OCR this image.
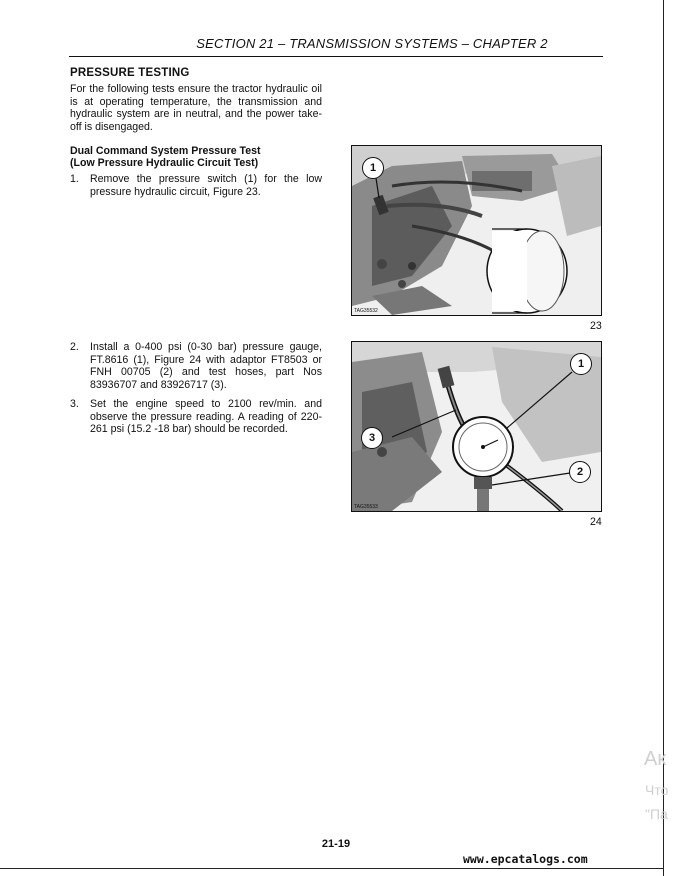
SECTION 21 – TRANSMISSION SYSTEMS – CHAPTER 2
PRESSURE TESTING
For the following tests ensure the tractor hydraulic oil is at operating temperature, the transmission and hydraulic system are in neutral, and the power take-off is disengaged.
Dual Command System Pressure Test
(Low Pressure Hydraulic Circuit Test)
1. Remove the pressure switch (1) for the low pressure hydraulic circuit, Figure 23.
2. Install a 0-400 psi (0-30 bar) pressure gauge, FT.8616 (1), Figure 24 with adaptor FT8503 or FNH 00705 (2) and test hoses, part Nos 83936707 and 83926717 (3).
3. Set the engine speed to 2100 rev/min. and observe the pressure reading. A reading of 220-261 psi (15.2 -18 bar) should be recorded.
TAG35532
1
23
TAG35533
1
2
3
24
21-19
www.epcatalogs.com
Ак
Что
"Па
